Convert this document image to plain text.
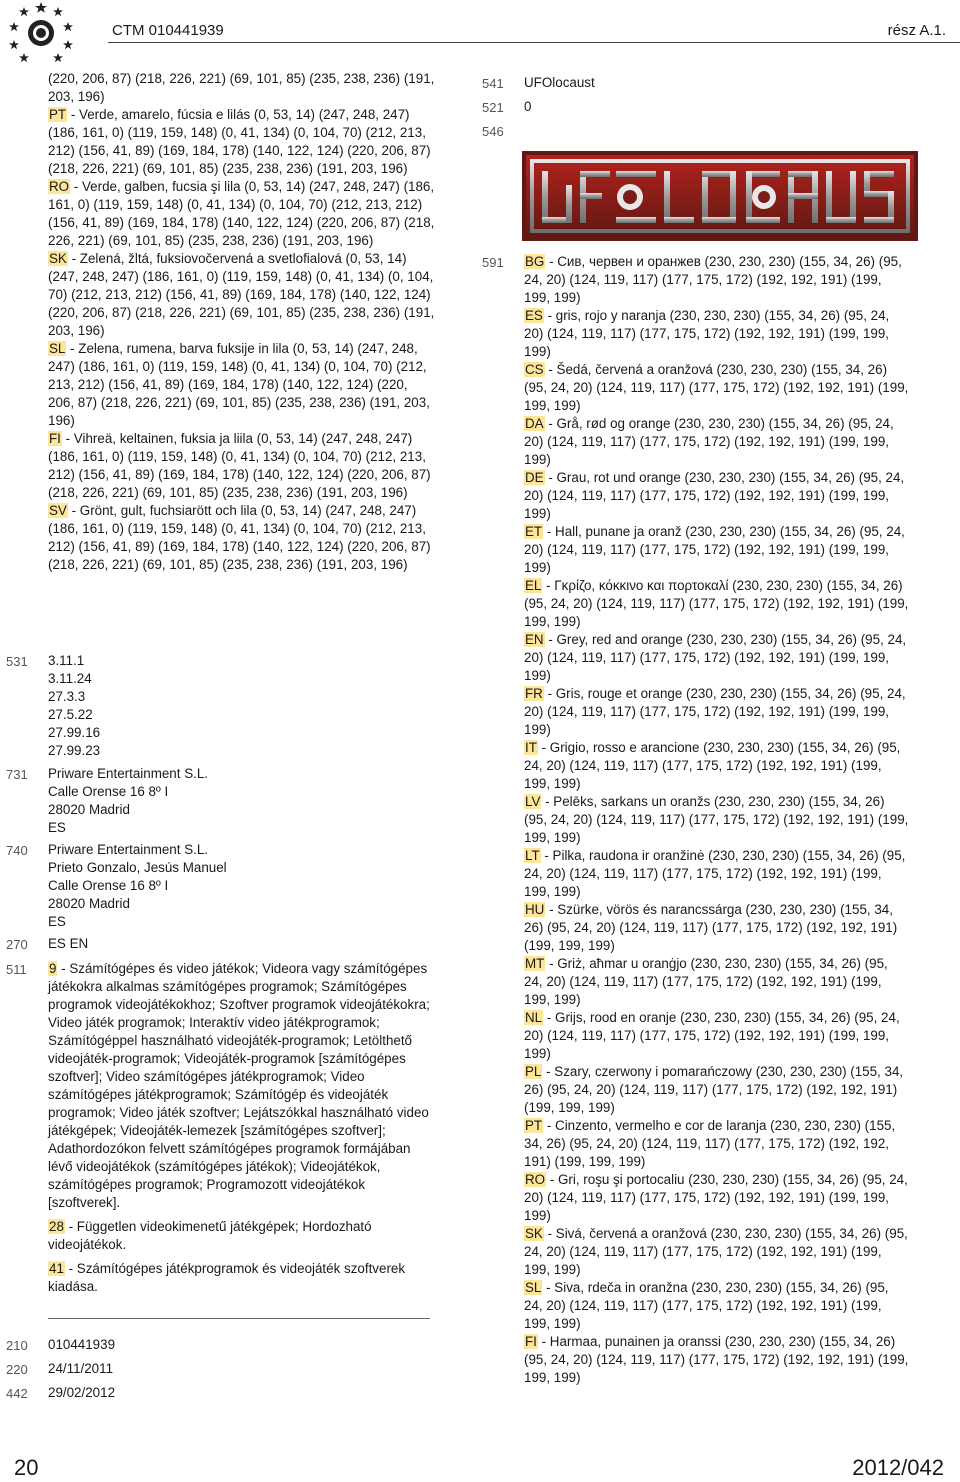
CTM 010441939	rész A.1.
(220, 206, 87) (218, 226, 221) (69, 101, 85) (235, 238, 236) (191, 203, 196)
PT - Verde, amarelo, fúcsia e lilás (0, 53, 14) (247, 248, 247) (186, 161, 0) (119, 159, 148) (0, 41, 134) (0, 104, 70) (212, 213, 212) (156, 41, 89) (169, 184, 178) (140, 122, 124) (220, 206, 87) (218, 226, 221) (69, 101, 85) (235, 238, 236) (191, 203, 196)
RO - Verde, galben, fucsia şi lila (0, 53, 14) (247, 248, 247) (186, 161, 0) (119, 159, 148) (0, 41, 134) (0, 104, 70) (212, 213, 212) (156, 41, 89) (169, 184, 178) (140, 122, 124) (220, 206, 87) (218, 226, 221) (69, 101, 85) (235, 238, 236) (191, 203, 196)
SK - Zelená, žltá, fuksiovočervená a svetlofialová (0, 53, 14) (247, 248, 247) (186, 161, 0) (119, 159, 148) (0, 41, 134) (0, 104, 70) (212, 213, 212) (156, 41, 89) (169, 184, 178) (140, 122, 124) (220, 206, 87) (218, 226, 221) (69, 101, 85) (235, 238, 236) (191, 203, 196)
SL - Zelena, rumena, barva fuksije in lila (0, 53, 14) (247, 248, 247) (186, 161, 0) (119, 159, 148) (0, 41, 134) (0, 104, 70) (212, 213, 212) (156, 41, 89) (169, 184, 178) (140, 122, 124) (220, 206, 87) (218, 226, 221) (69, 101, 85) (235, 238, 236) (191, 203, 196)
FI - Vihreä, keltainen, fuksia ja liila (0, 53, 14) (247, 248, 247) (186, 161, 0) (119, 159, 148) (0, 41, 134) (0, 104, 70) (212, 213, 212) (156, 41, 89) (169, 184, 178) (140, 122, 124) (220, 206, 87) (218, 226, 221) (69, 101, 85) (235, 238, 236) (191, 203, 196)
SV - Grönt, gult, fuchsiarött och lila (0, 53, 14) (247, 248, 247) (186, 161, 0) (119, 159, 148) (0, 41, 134) (0, 104, 70) (212, 213, 212) (156, 41, 89) (169, 184, 178) (140, 122, 124) (220, 206, 87) (218, 226, 221) (69, 101, 85) (235, 238, 236) (191, 203, 196)
531	3.11.1
3.11.24
27.3.3
27.5.22
27.99.16
27.99.23
731	Priware Entertainment S.L.
Calle Orense 16 8º I
28020 Madrid
ES
740	Priware Entertainment S.L.
Prieto Gonzalo, Jesús Manuel
Calle Orense 16 8º I
28020 Madrid
ES
270	ES EN
511	9 - Számítógépes és video játékok; Videora vagy számítógépes játékokra alkalmas számítógépes programok; Számítógépes programok videojátékokhoz; Szoftver programok videojátékokra; Video játék programok; Interaktív video játékprogramok; Számítógéppel használható videojáték-programok; Letölthető videojáték-programok; Videojáték-programok [számítógépes szoftver]; Video számítógépes játékprogramok; Video számítógépes játékprogramok; Számítógép és videojáték programok; Video játék szoftver; Lejátszókkal használható video játékgépek; Videojáték-lemezek [számítógépes szoftver]; Adathordozókon felvett számítógépes programok formájában lévő videojátékok (számítógépes játékok); Videojátékok, számítógépes programok; Programozott videojátékok [szoftverek].
28 - Független videokimenetű játékgépek; Hordozható videojátékok.
41 - Számítógépes játékprogramok és videojáték szoftverek kiadása.
210	010441939
220	24/11/2011
442	29/02/2012
541	UFOlocaust
521	0
546
591	BG - Сив, червен и оранжев (230, 230, 230) (155, 34, 26) (95, 24, 20) (124, 119, 117) (177, 175, 172) (192, 192, 191) (199, 199, 199)
ES - gris, rojo y naranja (230, 230, 230) (155, 34, 26) (95, 24, 20) (124, 119, 117) (177, 175, 172) (192, 192, 191) (199, 199, 199)
CS - Šedá, červená a oranžová (230, 230, 230) (155, 34, 26) (95, 24, 20) (124, 119, 117) (177, 175, 172) (192, 192, 191) (199, 199, 199)
DA - Grå, rød og orange (230, 230, 230) (155, 34, 26) (95, 24, 20) (124, 119, 117) (177, 175, 172) (192, 192, 191) (199, 199, 199)
DE - Grau, rot und orange (230, 230, 230) (155, 34, 26) (95, 24, 20) (124, 119, 117) (177, 175, 172) (192, 192, 191) (199, 199, 199)
ET - Hall, punane ja oranž (230, 230, 230) (155, 34, 26) (95, 24, 20) (124, 119, 117) (177, 175, 172) (192, 192, 191) (199, 199, 199)
EL - Γκρίζο, κόκκινο και πορτοκαλί (230, 230, 230) (155, 34, 26) (95, 24, 20) (124, 119, 117) (177, 175, 172) (192, 192, 191) (199, 199, 199)
EN - Grey, red and orange (230, 230, 230) (155, 34, 26) (95, 24, 20) (124, 119, 117) (177, 175, 172) (192, 192, 191) (199, 199, 199)
FR - Gris, rouge et orange (230, 230, 230) (155, 34, 26) (95, 24, 20) (124, 119, 117) (177, 175, 172) (192, 192, 191) (199, 199, 199)
IT - Grigio, rosso e arancione (230, 230, 230) (155, 34, 26) (95, 24, 20) (124, 119, 117) (177, 175, 172) (192, 192, 191) (199, 199, 199)
LV - Pelēks, sarkans un oranžs (230, 230, 230) (155, 34, 26) (95, 24, 20) (124, 119, 117) (177, 175, 172) (192, 192, 191) (199, 199, 199)
LT - Pilka, raudona ir oranžinė (230, 230, 230) (155, 34, 26) (95, 24, 20) (124, 119, 117) (177, 175, 172) (192, 192, 191) (199, 199, 199)
HU - Szürke, vörös és narancssárga (230, 230, 230) (155, 34, 26) (95, 24, 20) (124, 119, 117) (177, 175, 172) (192, 192, 191) (199, 199, 199)
MT - Griż, aħmar u oranġjo (230, 230, 230) (155, 34, 26) (95, 24, 20) (124, 119, 117) (177, 175, 172) (192, 192, 191) (199, 199, 199)
NL - Grijs, rood en oranje (230, 230, 230) (155, 34, 26) (95, 24, 20) (124, 119, 117) (177, 175, 172) (192, 192, 191) (199, 199, 199)
PL - Szary, czerwony i pomarańczowy (230, 230, 230) (155, 34, 26) (95, 24, 20) (124, 119, 117) (177, 175, 172) (192, 192, 191) (199, 199, 199)
PT - Cinzento, vermelho e cor de laranja (230, 230, 230) (155, 34, 26) (95, 24, 20) (124, 119, 117) (177, 175, 172) (192, 192, 191) (199, 199, 199)
RO - Gri, roşu şi portocaliu (230, 230, 230) (155, 34, 26) (95, 24, 20) (124, 119, 117) (177, 175, 172) (192, 192, 191) (199, 199, 199)
SK - Sivá, červená a oranžová (230, 230, 230) (155, 34, 26) (95, 24, 20) (124, 119, 117) (177, 175, 172) (192, 192, 191) (199, 199, 199)
SL - Siva, rdeča in oranžna (230, 230, 230) (155, 34, 26) (95, 24, 20) (124, 119, 117) (177, 175, 172) (192, 192, 191) (199, 199, 199)
FI - Harmaa, punainen ja oranssi (230, 230, 230) (155, 34, 26) (95, 24, 20) (124, 119, 117) (177, 175, 172) (192, 192, 191) (199, 199, 199)
20	2012/042
